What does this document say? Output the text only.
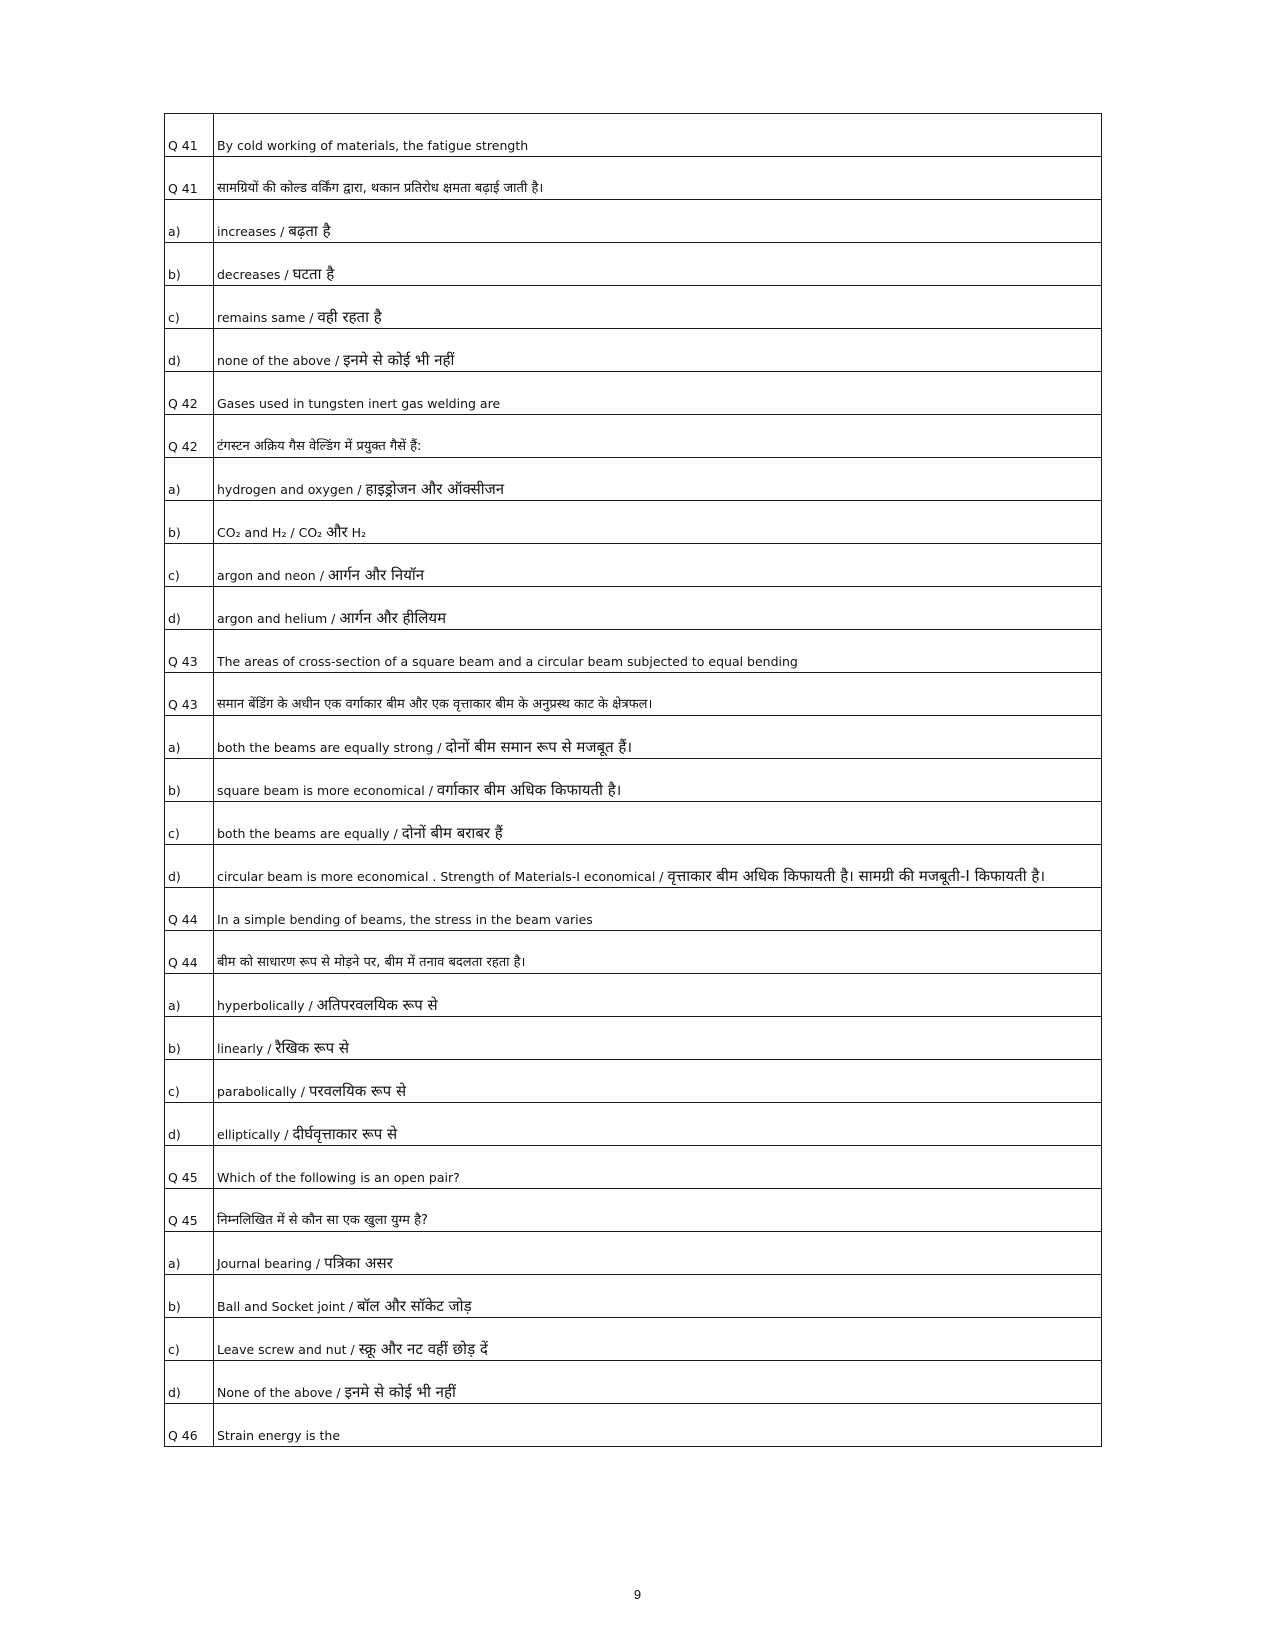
Q 41	By cold working of materials, the fatigue strength
Q 41	सामग्रियों की कोल्ड वर्किंग द्वारा, थकान प्रतिरोध क्षमता बढ़ाई जाती है।
a)	increases / बढ़ता है
b)	decreases / घटता है
c)	remains same / वही रहता है
d)	none of the above / इनमे से कोई भी नहीं
Q 42	Gases used in tungsten inert gas welding are
Q 42	टंगस्टन अक्रिय गैस वेल्डिंग में प्रयुक्त गैसें हैं:
a)	hydrogen and oxygen / हाइड्रोजन और ऑक्सीजन
b)	CO₂ and H₂ / CO₂ और H₂
c)	argon and neon / आर्गन और नियॉन
d)	argon and helium / आर्गन और हीलियम
Q 43	The areas of cross-section of a square beam and a circular beam subjected to equal bending
Q 43	समान बेंडिंग के अधीन एक वर्गाकार बीम और एक वृत्ताकार बीम के अनुप्रस्थ काट के क्षेत्रफल।
a)	both the beams are equally strong / दोनों बीम समान रूप से मजबूत हैं।
b)	square beam is more economical / वर्गाकार बीम अधिक किफायती है।
c)	both the beams are equally / दोनों बीम बराबर हैं
d)	circular beam is more economical . Strength of Materials-I economical / वृत्ताकार बीम अधिक किफायती है। सामग्री की मजबूती-I किफायती है।
Q 44	In a simple bending of beams, the stress in the beam varies
Q 44	बीम को साधारण रूप से मोड़ने पर, बीम में तनाव बदलता रहता है।
a)	hyperbolically / अतिपरवलयिक रूप से
b)	linearly / रैखिक रूप से
c)	parabolically / परवलयिक रूप से
d)	elliptically / दीर्घवृत्ताकार रूप से
Q 45	Which of the following is an open pair?
Q 45	निम्नलिखित में से कौन सा एक खुला युग्म है?
a)	Journal bearing / पत्रिका असर
b)	Ball and Socket joint / बॉल और सॉकेट जोड़
c)	Leave screw and nut / स्क्रू और नट वहीं छोड़ दें
d)	None of the above / इनमे से कोई भी नहीं
Q 46	Strain energy is the
9
